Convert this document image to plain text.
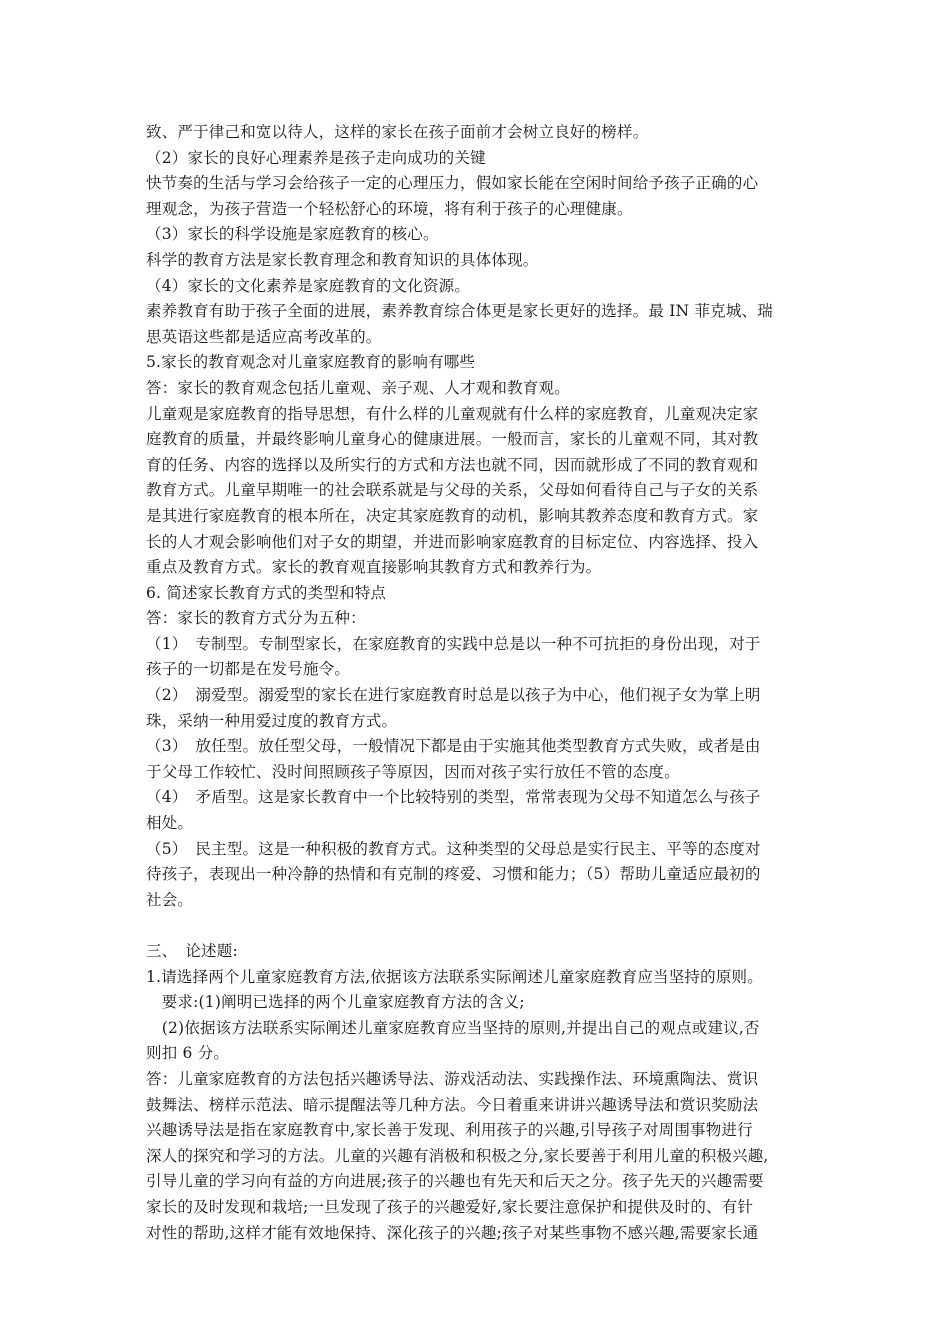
致、严于律己和宽以待人，这样的家长在孩子面前才会树立良好的榜样。
（2）家长的良好心理素养是孩子走向成功的关键
快节奏的生活与学习会给孩子一定的心理压力，假如家长能在空闲时间给予孩子正确的心
理观念，为孩子营造一个轻松舒心的环境，将有利于孩子的心理健康。
（3）家长的科学设施是家庭教育的核心。
科学的教育方法是家长教育理念和教育知识的具体体现。
（4）家长的文化素养是家庭教育的文化资源。
素养教育有助于孩子全面的进展，素养教育综合体更是家长更好的选择。最 IN 菲克城、瑞
思英语这些都是适应高考改革的。
5.家长的教育观念对儿童家庭教育的影响有哪些
答：家长的教育观念包括儿童观、亲子观、人才观和教育观。
儿童观是家庭教育的指导思想，有什么样的儿童观就有什么样的家庭教育，儿童观决定家
庭教育的质量，并最终影响儿童身心的健康进展。一般而言，家长的儿童观不同，其对教
育的任务、内容的选择以及所实行的方式和方法也就不同，因而就形成了不同的教育观和
教育方式。儿童早期唯一的社会联系就是与父母的关系，父母如何看待自己与子女的关系
是其进行家庭教育的根本所在，决定其家庭教育的动机，影响其教养态度和教育方式。家
长的人才观会影响他们对子女的期望，并进而影响家庭教育的目标定位、内容选择、投入
重点及教育方式。家长的教育观直接影响其教育方式和教养行为。
6. 简述家长教育方式的类型和特点
答：家长的教育方式分为五种：
（1）　专制型。专制型家长，在家庭教育的实践中总是以一种不可抗拒的身份出现，对于
孩子的一切都是在发号施令。
（2）　溺爱型。溺爱型的家长在进行家庭教育时总是以孩子为中心，他们视子女为掌上明
珠，采纳一种用爱过度的教育方式。
（3）　放任型。放任型父母，一般情况下都是由于实施其他类型教育方式失败，或者是由
于父母工作较忙、没时间照顾孩子等原因，因而对孩子实行放任不管的态度。
（4）　矛盾型。这是家长教育中一个比较特别的类型，常常表现为父母不知道怎么与孩子
相处。
（5）　民主型。这是一种积极的教育方式。这种类型的父母总是实行民主、平等的态度对
待孩子，表现出一种冷静的热情和有克制的疼爱、习惯和能力；（5）帮助儿童适应最初的
社会。
三、　论述题:
1.请选择两个儿童家庭教育方法,依据该方法联系实际阐述儿童家庭教育应当坚持的原则。
　要求:(1)阐明已选择的两个儿童家庭教育方法的含义;
　(2)依据该方法联系实际阐述儿童家庭教育应当坚持的原则,并提出自己的观点或建议,否
则扣 6 分。
答：儿童家庭教育的方法包括兴趣诱导法、游戏活动法、实践操作法、环境熏陶法、赏识
鼓舞法、榜样示范法、暗示提醒法等几种方法。今日着重来讲讲兴趣诱导法和赏识奖励法
兴趣诱导法是指在家庭教育中,家长善于发现、利用孩子的兴趣,引导孩子对周围事物进行
深人的探究和学习的方法。儿童的兴趣有消极和积极之分,家长要善于利用儿童的积极兴趣,
引导儿童的学习向有益的方向进展;孩子的兴趣也有先天和后天之分。孩子先天的兴趣需要
家长的及时发现和栽培;一旦发现了孩子的兴趣爱好,家长要注意保护和提供及时的、有针
对性的帮助,这样才能有效地保持、深化孩子的兴趣;孩子对某些事物不感兴趣,需要家长通
